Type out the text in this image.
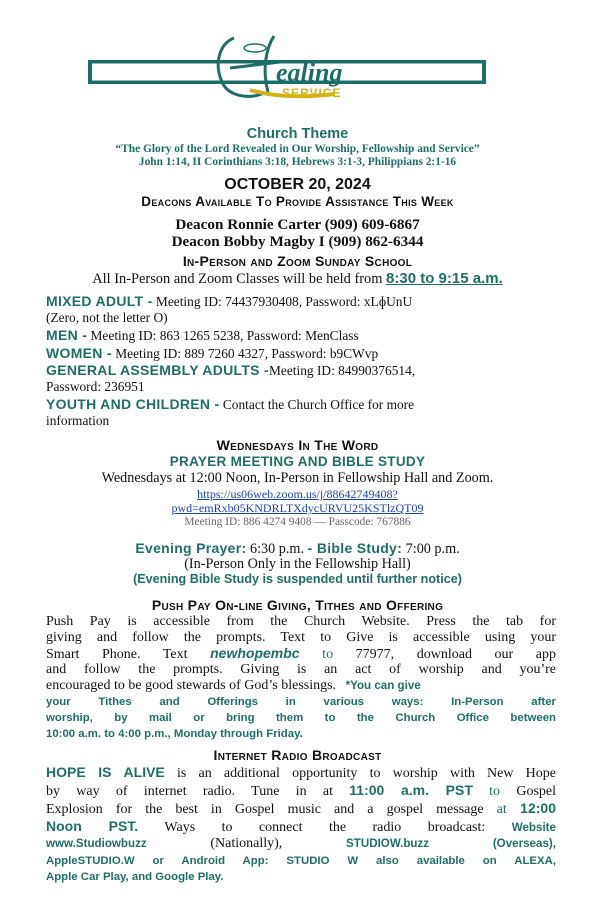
ealing
SERVICE
Church Theme
“The Glory of the Lord Revealed in Our Worship, Fellowship and Service”
John 1:14, II Corinthians 3:18, Hebrews 3:1-3, Philippians 2:1-16
OCTOBER 20, 2024
Deacons Available To Provide Assistance This Week
Deacon Ronnie Carter (909) 609-6867
Deacon Bobby Magby I (909) 862-6344
In-Person and Zoom Sunday School
All In-Person and Zoom Classes will be held from 8:30 to 9:15 a.m.
MIXED ADULT - Meeting ID: 74437930408, Password: xLɸUnU
(Zero, not the letter O)
MEN - Meeting ID: 863 1265 5238, Password: MenClass
WOMEN - Meeting ID: 889 7260 4327, Password: b9CWvp
GENERAL ASSEMBLY ADULTS -Meeting ID: 84990376514,
Password: 236951
YOUTH AND CHILDREN - Contact the Church Office for more
information
Wednesdays In The Word
PRAYER MEETING AND BIBLE STUDY
Wednesdays at 12:00 Noon, In-Person in Fellowship Hall and Zoom.
https://us06web.zoom.us/j/88642749408?
pwd=emRxb05KNDRLTXdycURVU25KSTlzQT09
Meeting ID: 886 4274 9408 — Passcode: 767886
Evening Prayer: 6:30 p.m. - Bible Study: 7:00 p.m.
(In-Person Only in the Fellowship Hall)
(Evening Bible Study is suspended until further notice)
Push Pay On-line Giving, Tithes and Offering
Push Pay is accessible from the Church Website. Press the tab for
giving and follow the prompts. Text to Give is accessible using your
Smart Phone. Text newhopembc to 77977, download our app
and follow the prompts. Giving is an act of worship and you’re
encouraged to be good stewards of God’s blessings. *You can give
your Tithes and Offerings in various ways: In-Person after
worship, by mail or bring them to the Church Office between
10:00 a.m. to 4:00 p.m., Monday through Friday.
Internet Radio Broadcast
HOPE IS ALIVE is an additional opportunity to worship with New Hope
by way of internet radio. Tune in at 11:00 a.m. PST to Gospel
Explosion for the best in Gospel music and a gospel message at 12:00
Noon PST. Ways to connect the radio broadcast: Website
www.Studiowbuzz	(Nationally),	STUDIOW.buzz	(Overseas),
AppleSTUDIO.W or Android App: STUDIO W also available on ALEXA,
Apple Car Play, and Google Play.
